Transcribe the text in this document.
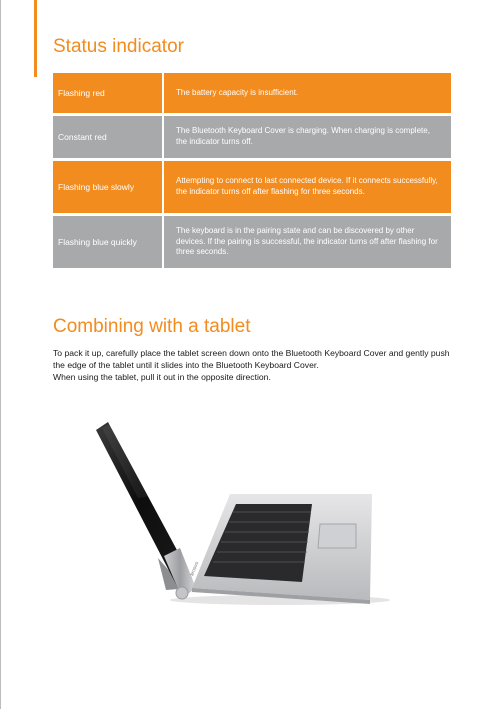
Status indicator
Flashing red	The battery capacity is insufficient.
Constant red	The Bluetooth Keyboard Cover is charging. When charging is complete, the indicator turns off.
Flashing blue slowly	Attempting to connect to last connected device. If it connects successfully, the indicator turns off after flashing for three seconds.
Flashing blue quickly	The keyboard is in the pairing state and can be discovered by other devices. If the pairing is successful, the indicator turns off after flashing for three seconds.
Combining with a tablet

To pack it up, carefully place the tablet screen down onto the Bluetooth Keyboard Cover and gently push the edge of the tablet until it slides into the Bluetooth Keyboard Cover.

When using the tablet, pull it out in the opposite direction.

lenovo
